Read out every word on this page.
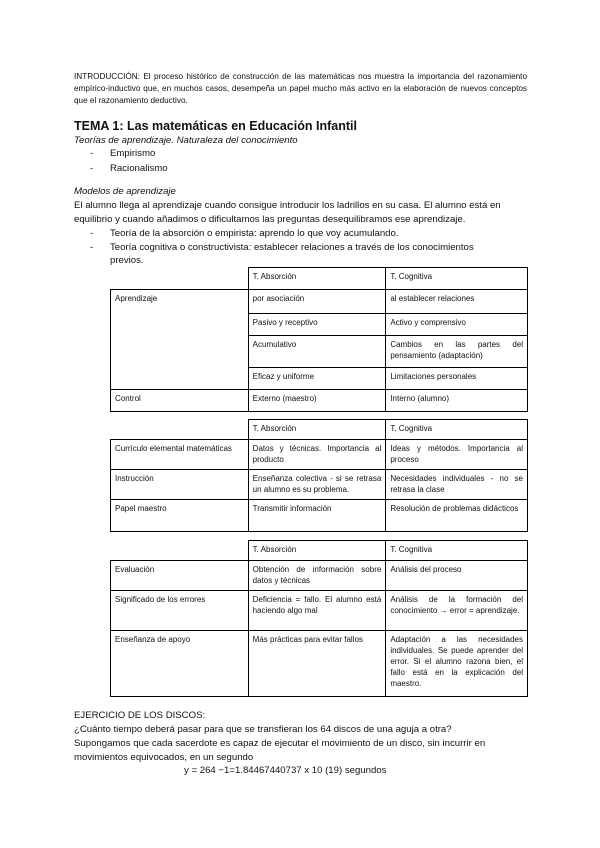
INTRODUCCIÓN: El proceso histórico de construcción de las matemáticas nos muestra la importancia del razonamiento empírico-inductivo que, en muchos casos, desempeña un papel mucho más activo en la elaboración de nuevos conceptos que el razonamiento deductivo.
TEMA 1: Las matemáticas en Educación Infantil
Teorías de aprendizaje. Naturaleza del conocimiento
- Empirismo
- Racionalismo
Modelos de aprendizaje
El alumno llega al aprendizaje cuando consigue introducir los ladrillos en su casa. El alumno está en
equilibrio y cuando añadimos o dificultamos las preguntas desequilibramos ese aprendizaje.
- Teoría de la absorción o empirista: aprendo lo que voy acumulando.
- Teoría cognitiva o constructivista: establecer relaciones a través de los conocimientos
previos.
	T. Absorción	T. Cognitiva
Aprendizaje	por asociación	al establecer relaciones
	Pasivo y receptivo	Activo y comprensivo
	Acumulativo	Cambios en las partes del pensamiento (adaptación)
	Eficaz y uniforme	Limitaciones personales
Control	Externo (maestro)	Interno (alumno)
	T. Absorción	T. Cognitiva
Currículo elemental matemáticas	Datos y técnicas. Importancia al producto	Ideas y métodos. Importancia al proceso
Instrucción	Enseñanza colectiva - si se retrasa un alumno es su problema.	Necesidades individuales - no se retrasa la clase
Papel maestro	Transmitir información	Resolución de problemas didácticos
	T. Absorción	T. Cognitiva
Evaluación	Obtención de información sobre datos y técnicas	Análisis del proceso
Significado de los errores	Deficiencia = fallo. El alumno está haciendo algo mal	Análisis de la formación del conocimiento → error = aprendizaje.
Enseñanza de apoyo	Más prácticas para evitar fallos	Adaptación a las necesidades individuales. Se puede aprender del error. Si el alumno razona bien, el fallo está en la explicación del maestro.
EJERCICIO DE LOS DISCOS:
¿Cuánto tiempo deberá pasar para que se transfieran los 64 discos de una aguja a otra?
Supongamos que cada sacerdote es capaz de ejecutar el movimiento de un disco, sin incurrir en
movimientos equivocados, en un segundo
y = 264 −1=1.84467440737 x 10 (19) segundos
